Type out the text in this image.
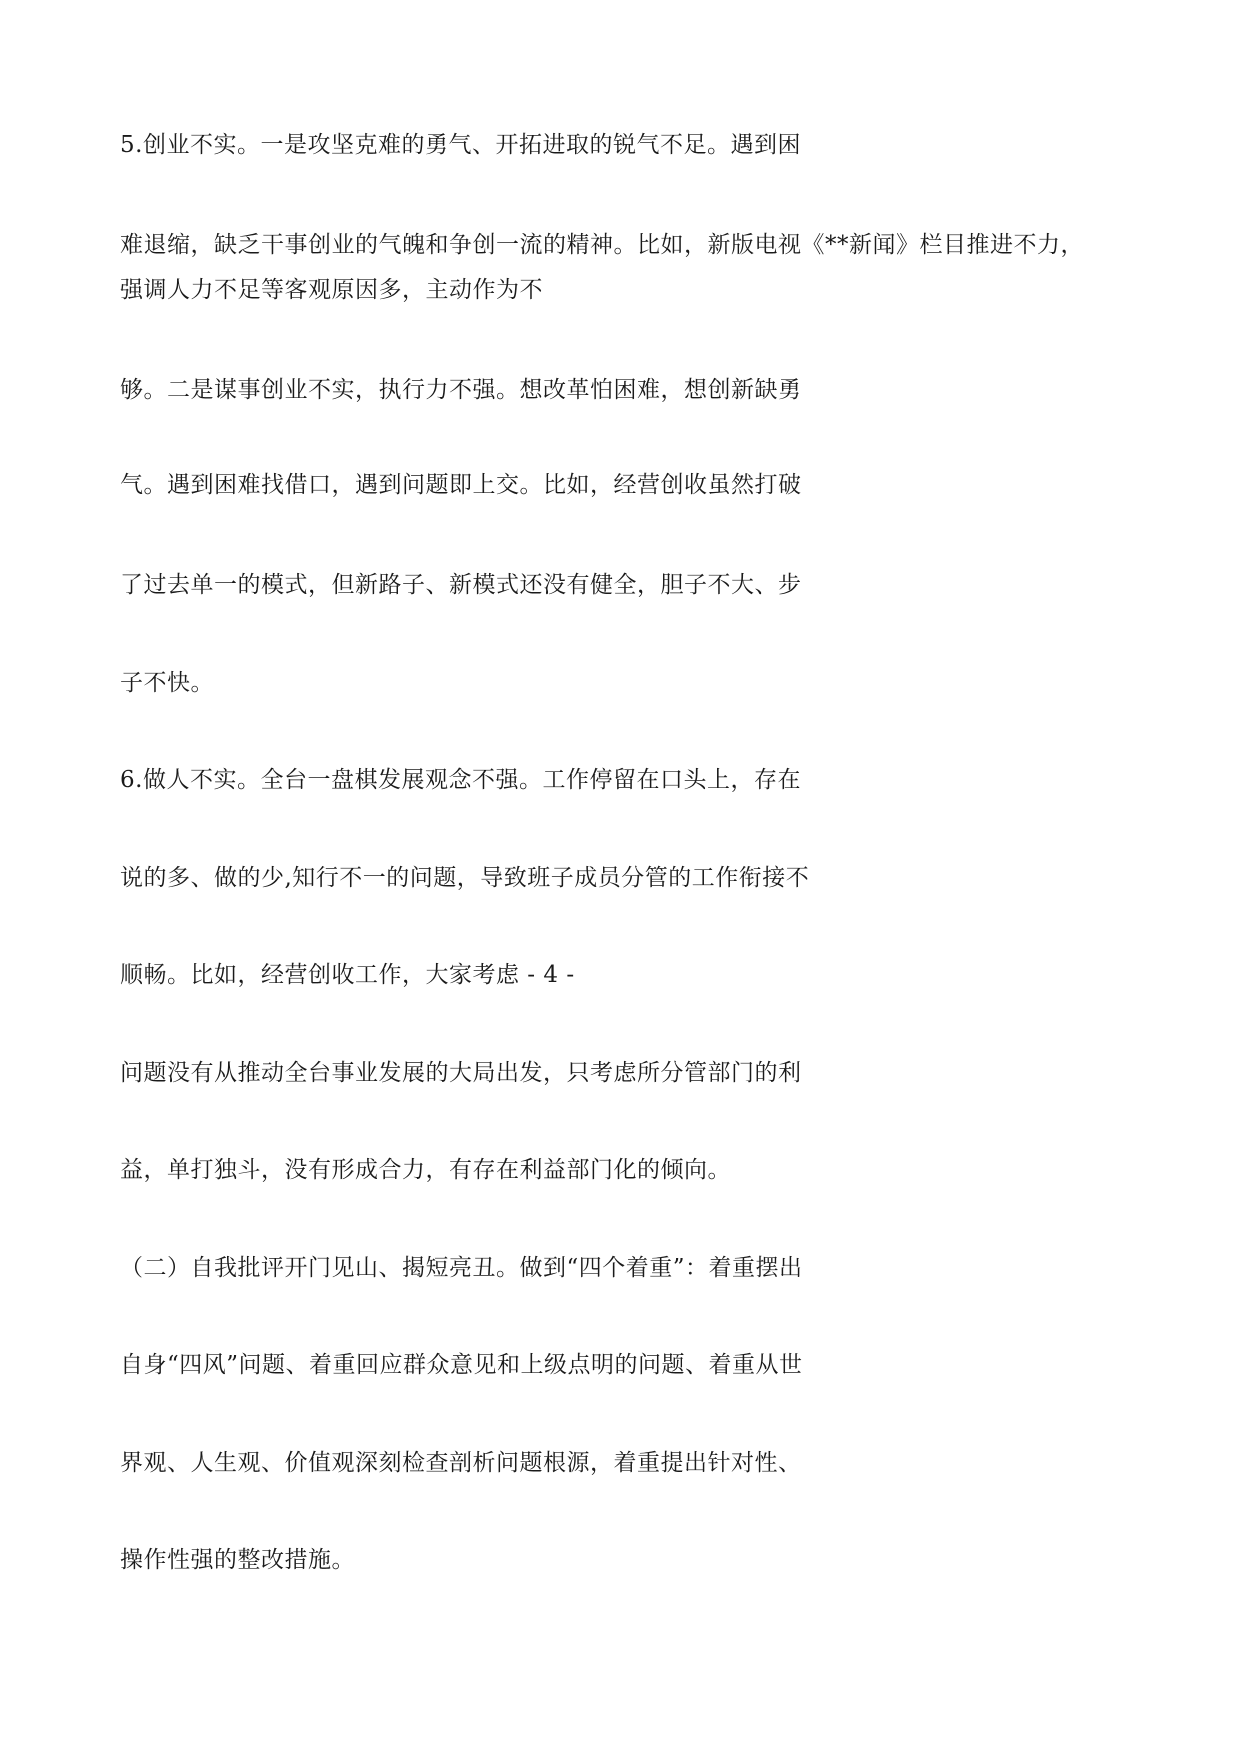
5.创业不实。一是攻坚克难的勇气、开拓进取的锐气不足。遇到困
难退缩，缺乏干事创业的气魄和争创一流的精神。比如，新版电视《**新闻》栏目推进不力，
强调人力不足等客观原因多，主动作为不
够。二是谋事创业不实，执行力不强。想改革怕困难，想创新缺勇
气。遇到困难找借口，遇到问题即上交。比如，经营创收虽然打破
了过去单一的模式，但新路子、新模式还没有健全，胆子不大、步
子不快。
6.做人不实。全台一盘棋发展观念不强。工作停留在口头上，存在
说的多、做的少,知行不一的问题，导致班子成员分管的工作衔接不
顺畅。比如，经营创收工作，大家考虑 - 4 -
问题没有从推动全台事业发展的大局出发，只考虑所分管部门的利
益，单打独斗，没有形成合力，有存在利益部门化的倾向。
（二）自我批评开门见山、揭短亮丑。做到“四个着重”：着重摆出
自身“四风”问题、着重回应群众意见和上级点明的问题、着重从世
界观、人生观、价值观深刻检查剖析问题根源，着重提出针对性、
操作性强的整改措施。
